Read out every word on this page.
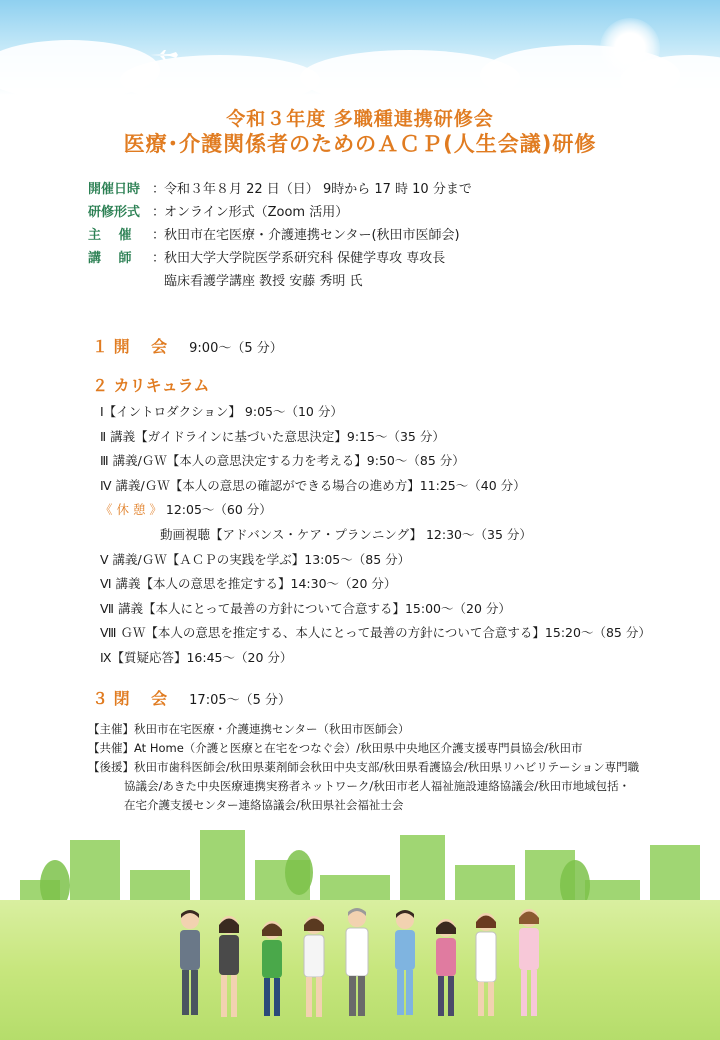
令和３年度 多職種連携研修会
医療･介護関係者のためのＡＣＰ(人生会議)研修
開催日時 ：
令和３年８月 22 日（日） 9時から 17 時 10 分まで
研修形式 ：
オンライン形式（Zoom 活用）
主　 催	：
秋田市在宅医療・介護連携センター(秋田市医師会)
講　 師	：
秋田大学大学院医学系研究科 保健学専攻 専攻長
臨床看護学講座 教授 安藤 秀明 氏
１ 開　 会 9:00～（5 分）
２ カリキュラム
Ⅰ【イントロダクション】 9:05～（10 分）
Ⅱ 講義【ガイドラインに基づいた意思決定】9:15～（35 分）
Ⅲ 講義/ＧＷ【本人の意思決定する力を考える】9:50～（85 分）
Ⅳ 講義/ＧＷ【本人の意思の確認ができる場合の進め方】11:25～（40 分）
《 休 憩 》 12:05～（60 分）
動画視聴【アドバンス・ケア・プランニング】 12:30～（35 分）
Ⅴ 講義/ＧＷ【ＡＣＰの実践を学ぶ】13:05～（85 分）
Ⅵ 講義【本人の意思を推定する】14:30～（20 分）
Ⅶ 講義【本人にとって最善の方針について合意する】15:00～（20 分）
Ⅷ ＧＷ【本人の意思を推定する、本人にとって最善の方針について合意する】15:20～（85 分）
Ⅸ【質疑応答】16:45～（20 分）
３ 閉　 会 17:05～（5 分）
【主催】秋田市在宅医療・介護連携センター（秋田市医師会）
【共催】At Home（介護と医療と在宅をつなぐ会）/秋田県中央地区介護支援専門員協会/秋田市
【後援】秋田市歯科医師会/秋田県薬剤師会秋田中央支部/秋田県看護協会/秋田県リハビリテーション専門職
協議会/あきた中央医療連携実務者ネットワーク/秋田市老人福祉施設連絡協議会/秋田市地域包括・
在宅介護支援センター連絡協議会/秋田県社会福祉士会
